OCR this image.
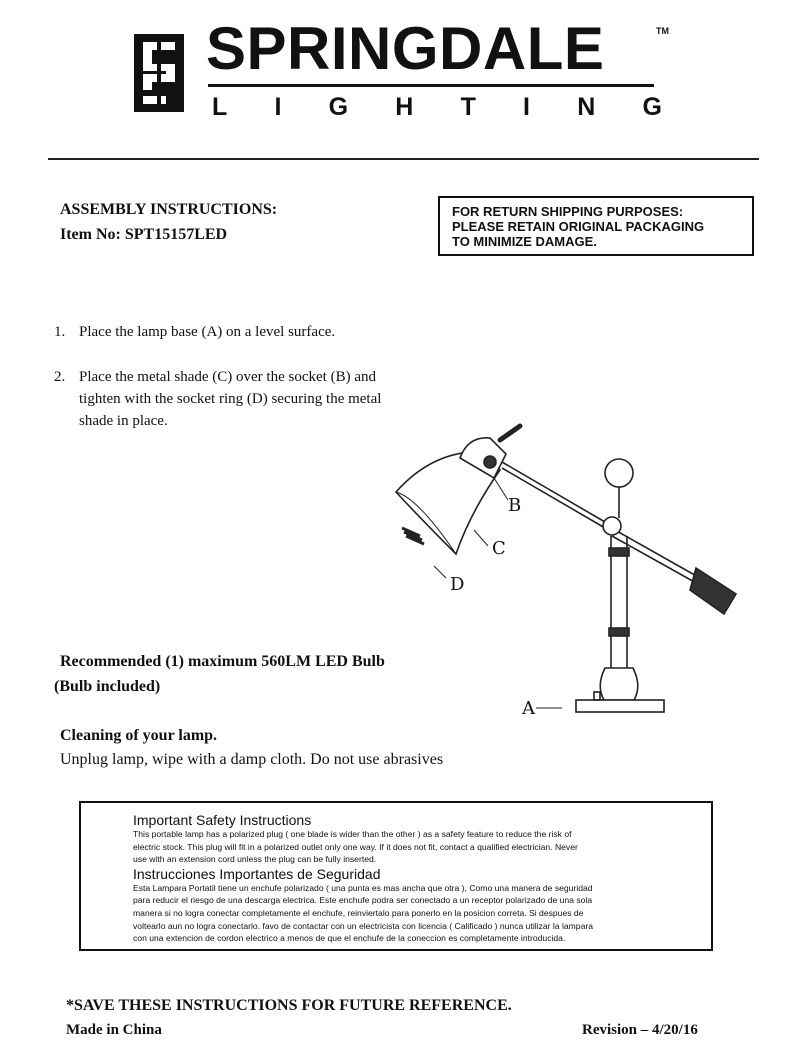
SPRINGDALE	TM
L I G H T I N G
ASSEMBLY INSTRUCTIONS:
Item No: SPT15157LED
FOR RETURN SHIPPING PURPOSES:
PLEASE RETAIN ORIGINAL PACKAGING
TO MINIMIZE DAMAGE.
1. Place the lamp base (A) on a level surface.
2. Place the metal shade (C) over the socket (B) and tighten with the socket ring (D) securing the metal shade in place.
B
C
D
A
Recommended (1) maximum 560LM LED Bulb
(Bulb included)
Cleaning of your lamp.
Unplug lamp, wipe with a damp cloth. Do not use abrasives
Important Safety Instructions
This portable lamp has a polarized plug ( one blade is wider than the other ) as a safety feature to reduce the risk of
electric stock. This plug will fit in a polarized outlet only one way. If it does not fit, contact a qualified electrician. Never
use with an extension cord unless the plug can be fully inserted.
Instrucciones Importantes de Seguridad
Esta Lampara Portatil tiene un enchufe polarizado ( una punta es mas ancha que otra ), Como una manera de seguridad
para reducir el riesgo de una descarga electrica. Este enchufe podra ser conectado a un receptor polarizado de una sola
manera si no logra conectar completamente el enchufe, reinviertalo para ponerlo en la posicion correta. Si despues de
voltearlo aun no logra conectarlo. favo de contactar con un electricista con licencia ( Calificado ) nunca utilizar la lampara
con una extencion de cordon electrico a menos de que el enchufe de la coneccion es completamente introducida.
*SAVE THESE INSTRUCTIONS FOR FUTURE REFERENCE.
Made in China	Revision – 4/20/16
